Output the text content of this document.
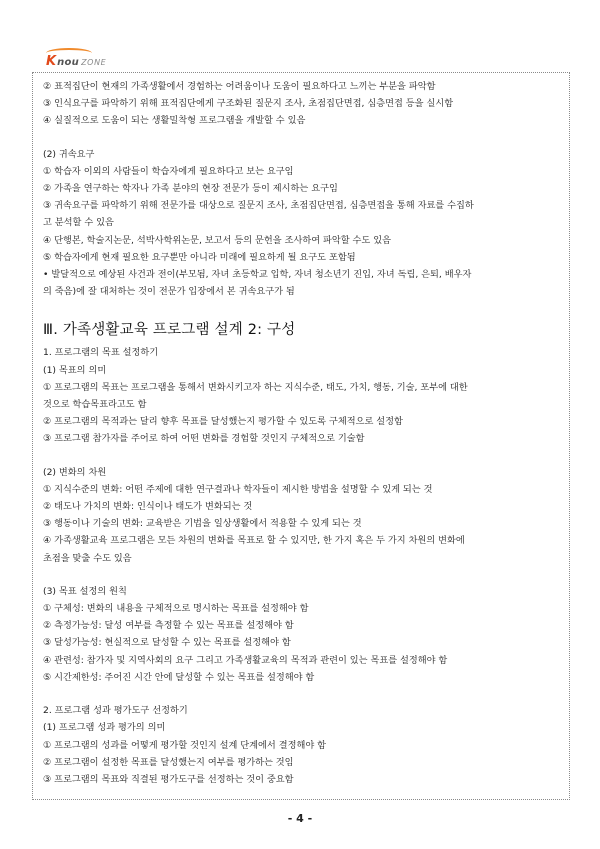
K nou ZONE

② 표적집단이 현재의 가족생활에서 경험하는 어려움이나 도움이 필요하다고 느끼는 부분을 파악함

③ 인식요구를 파악하기 위해 표적집단에게 구조화된 질문지 조사, 초점집단면접, 심층면접 등을 실시함

④ 실질적으로 도움이 되는 생활밀착형 프로그램을 개발할 수 있음

(2) 귀속요구

① 학습자 이외의 사람들이 학습자에게 필요하다고 보는 요구임

② 가족을 연구하는 학자나 가족 분야의 현장 전문가 등이 제시하는 요구임

③ 귀속요구를 파악하기 위해 전문가를 대상으로 질문지 조사, 초점집단면접, 심층면접을 통해 자료를 수집하

고 분석할 수 있음

④ 단행본, 학술지논문, 석박사학위논문, 보고서 등의 문헌을 조사하여 파악할 수도 있음

⑤ 학습자에게 현재 필요한 요구뿐만 아니라 미래에 필요하게 될 요구도 포함됨

• 발달적으로 예상된 사건과 전이(부모됨, 자녀 초등학교 입학, 자녀 청소년기 진입, 자녀 독립, 은퇴, 배우자

의 죽음)에 잘 대처하는 것이 전문가 입장에서 본 귀속요구가 됨

Ⅲ. 가족생활교육 프로그램 설계 2: 구성

1. 프로그램의 목표 설정하기

(1) 목표의 의미

① 프로그램의 목표는 프로그램을 통해서 변화시키고자 하는 지식수준, 태도, 가치, 행동, 기술, 포부에 대한

것으로 학습목표라고도 함

② 프로그램의 목적과는 달리 향후 목표를 달성했는지 평가할 수 있도록 구체적으로 설정함

③ 프로그램 참가자를 주어로 하여 어떤 변화를 경험할 것인지 구체적으로 기술함

(2) 변화의 차원

① 지식수준의 변화: 어떤 주제에 대한 연구결과나 학자들이 제시한 방법을 설명할 수 있게 되는 것

② 태도나 가치의 변화: 인식이나 태도가 변화되는 것

③ 행동이나 기술의 변화: 교육받은 기법을 일상생활에서 적용할 수 있게 되는 것

④ 가족생활교육 프로그램은 모든 차원의 변화를 목표로 할 수 있지만, 한 가지 혹은 두 가지 차원의 변화에

초점을 맞출 수도 있음

(3) 목표 설정의 원칙

① 구체성: 변화의 내용을 구체적으로 명시하는 목표를 설정해야 함

② 측정가능성: 달성 여부를 측정할 수 있는 목표를 설정해야 함

③ 달성가능성: 현실적으로 달성할 수 있는 목표를 설정해야 함

④ 관련성: 참가자 및 지역사회의 요구 그리고 가족생활교육의 목적과 관련이 있는 목표를 설정해야 함

⑤ 시간제한성: 주어진 시간 안에 달성할 수 있는 목표를 설정해야 함

2. 프로그램 성과 평가도구 선정하기

(1) 프로그램 성과 평가의 의미

① 프로그램의 성과를 어떻게 평가할 것인지 설계 단계에서 결정해야 함

② 프로그램이 설정한 목표를 달성했는지 여부를 평가하는 것임

③ 프로그램의 목표와 직결된 평가도구를 선정하는 것이 중요함

- 4 -
